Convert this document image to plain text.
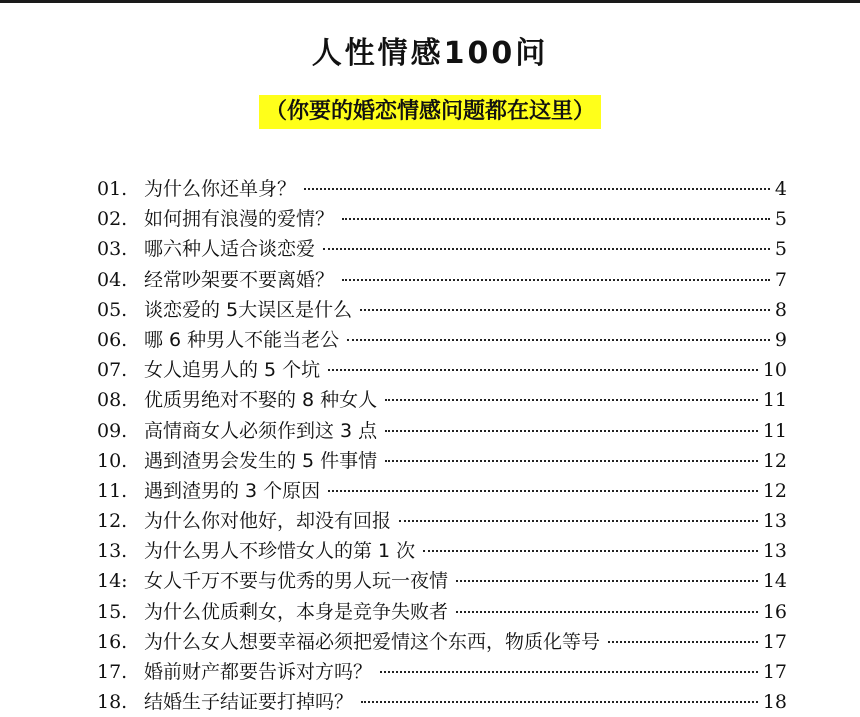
人性情感100问
（你要的婚恋情感问题都在这里）
01. 为什么你还单身？	4
02. 如何拥有浪漫的爱情？	5
03. 哪六种人适合谈恋爱	5
04. 经常吵架要不要离婚？	7
05. 谈恋爱的 5大误区是什么	8
06. 哪 6 种男人不能当老公	9
07. 女人追男人的 5 个坑	10
08. 优质男绝对不娶的 8 种女人	11
09. 高情商女人必须作到这 3 点	11
10. 遇到渣男会发生的 5 件事情	12
11. 遇到渣男的 3 个原因	12
12. 为什么你对他好，却没有回报	13
13. 为什么男人不珍惜女人的第 1 次	13
14: 女人千万不要与优秀的男人玩一夜情	14
15. 为什么优质剩女，本身是竞争失败者	16
16. 为什么女人想要幸福必须把爱情这个东西，物质化等号	17
17. 婚前财产都要告诉对方吗？	17
18. 结婚生子结证要打掉吗？	18
